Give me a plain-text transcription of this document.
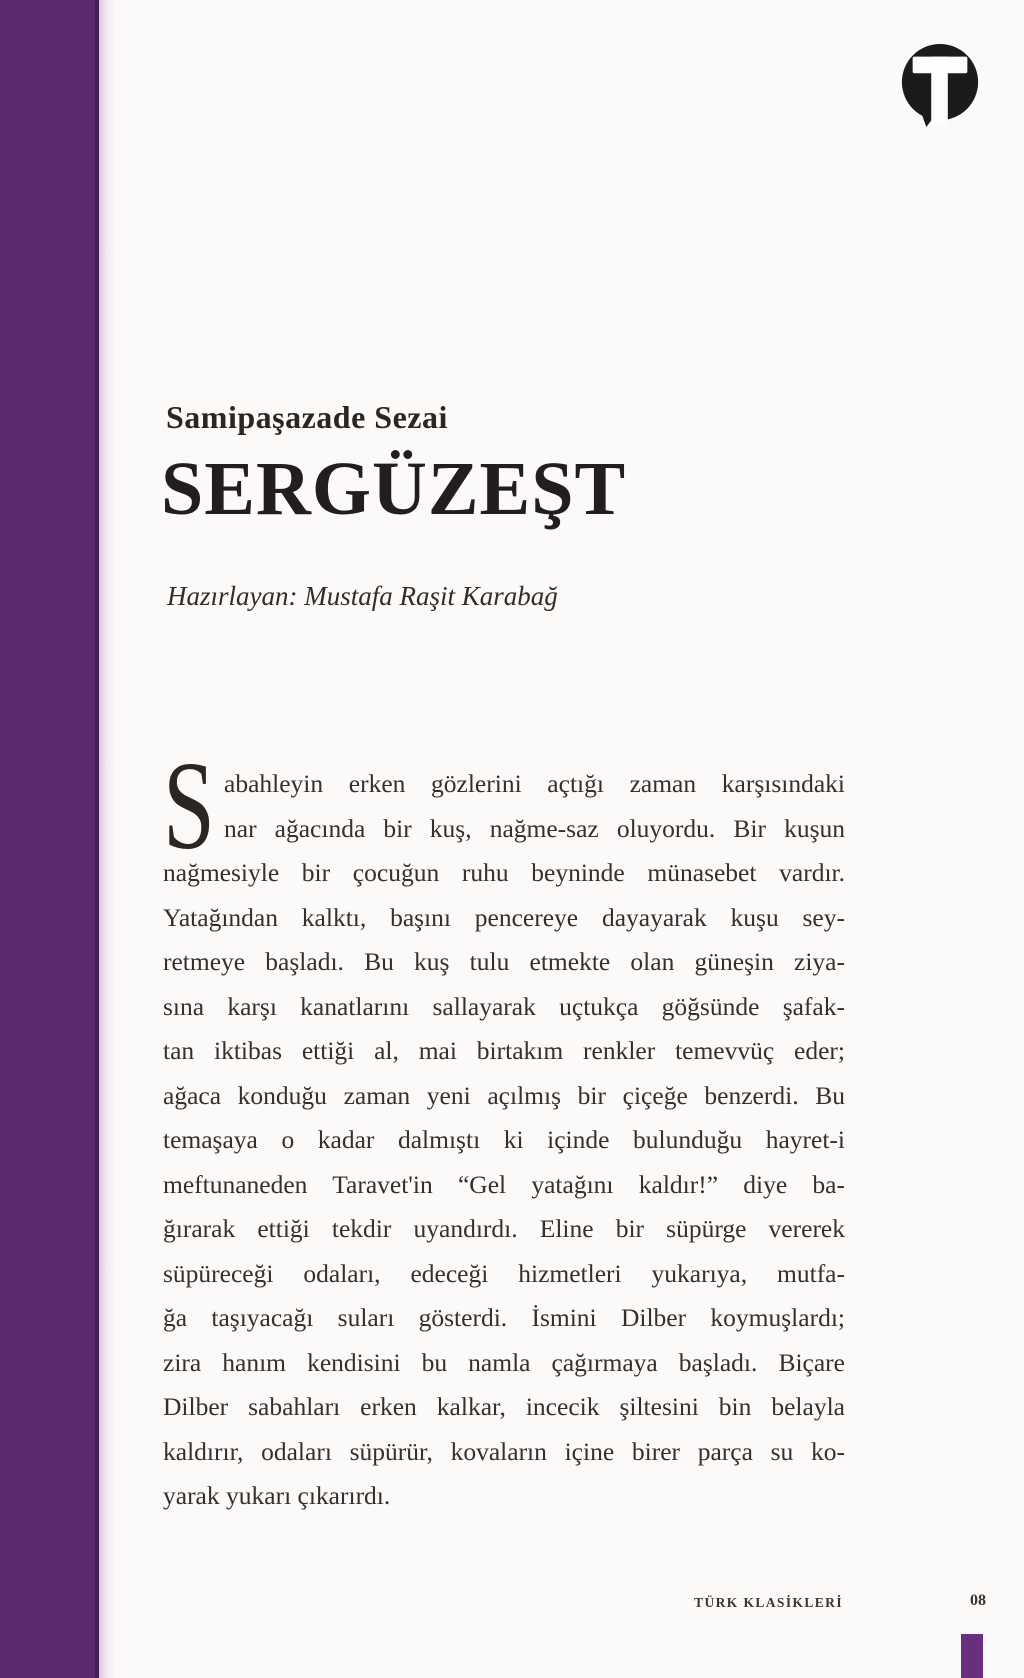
Samipaşazade Sezai
SERGÜZEŞT
Hazırlayan: Mustafa Raşit Karabağ
S abahleyin erken gözlerini açtığı zaman karşısındaki
nar ağacında bir kuş, nağme-saz oluyordu. Bir kuşun
nağmesiyle bir çocuğun ruhu beyninde münasebet vardır.
Yatağından kalktı, başını pencereye dayayarak kuşu sey-
retmeye başladı. Bu kuş tulu etmekte olan güneşin ziya-
sına karşı kanatlarını sallayarak uçtukça göğsünde şafak-
tan iktibas ettiği al, mai birtakım renkler temevvüç eder;
ağaca konduğu zaman yeni açılmış bir çiçeğe benzerdi. Bu
temaşaya o kadar dalmıştı ki içinde bulunduğu hayret-i
meftunaneden Taravet'in “Gel yatağını kaldır!” diye ba-
ğırarak ettiği tekdir uyandırdı. Eline bir süpürge vererek
süpüreceği odaları, edeceği hizmetleri yukarıya, mutfa-
ğa taşıyacağı suları gösterdi. İsmini Dilber koymuşlardı;
zira hanım kendisini bu namla çağırmaya başladı. Biçare
Dilber sabahları erken kalkar, incecik şiltesini bin belayla
kaldırır, odaları süpürür, kovaların içine birer parça su ko-
yarak yukarı çıkarırdı.
TÜRK KLASİKLERİ	08
